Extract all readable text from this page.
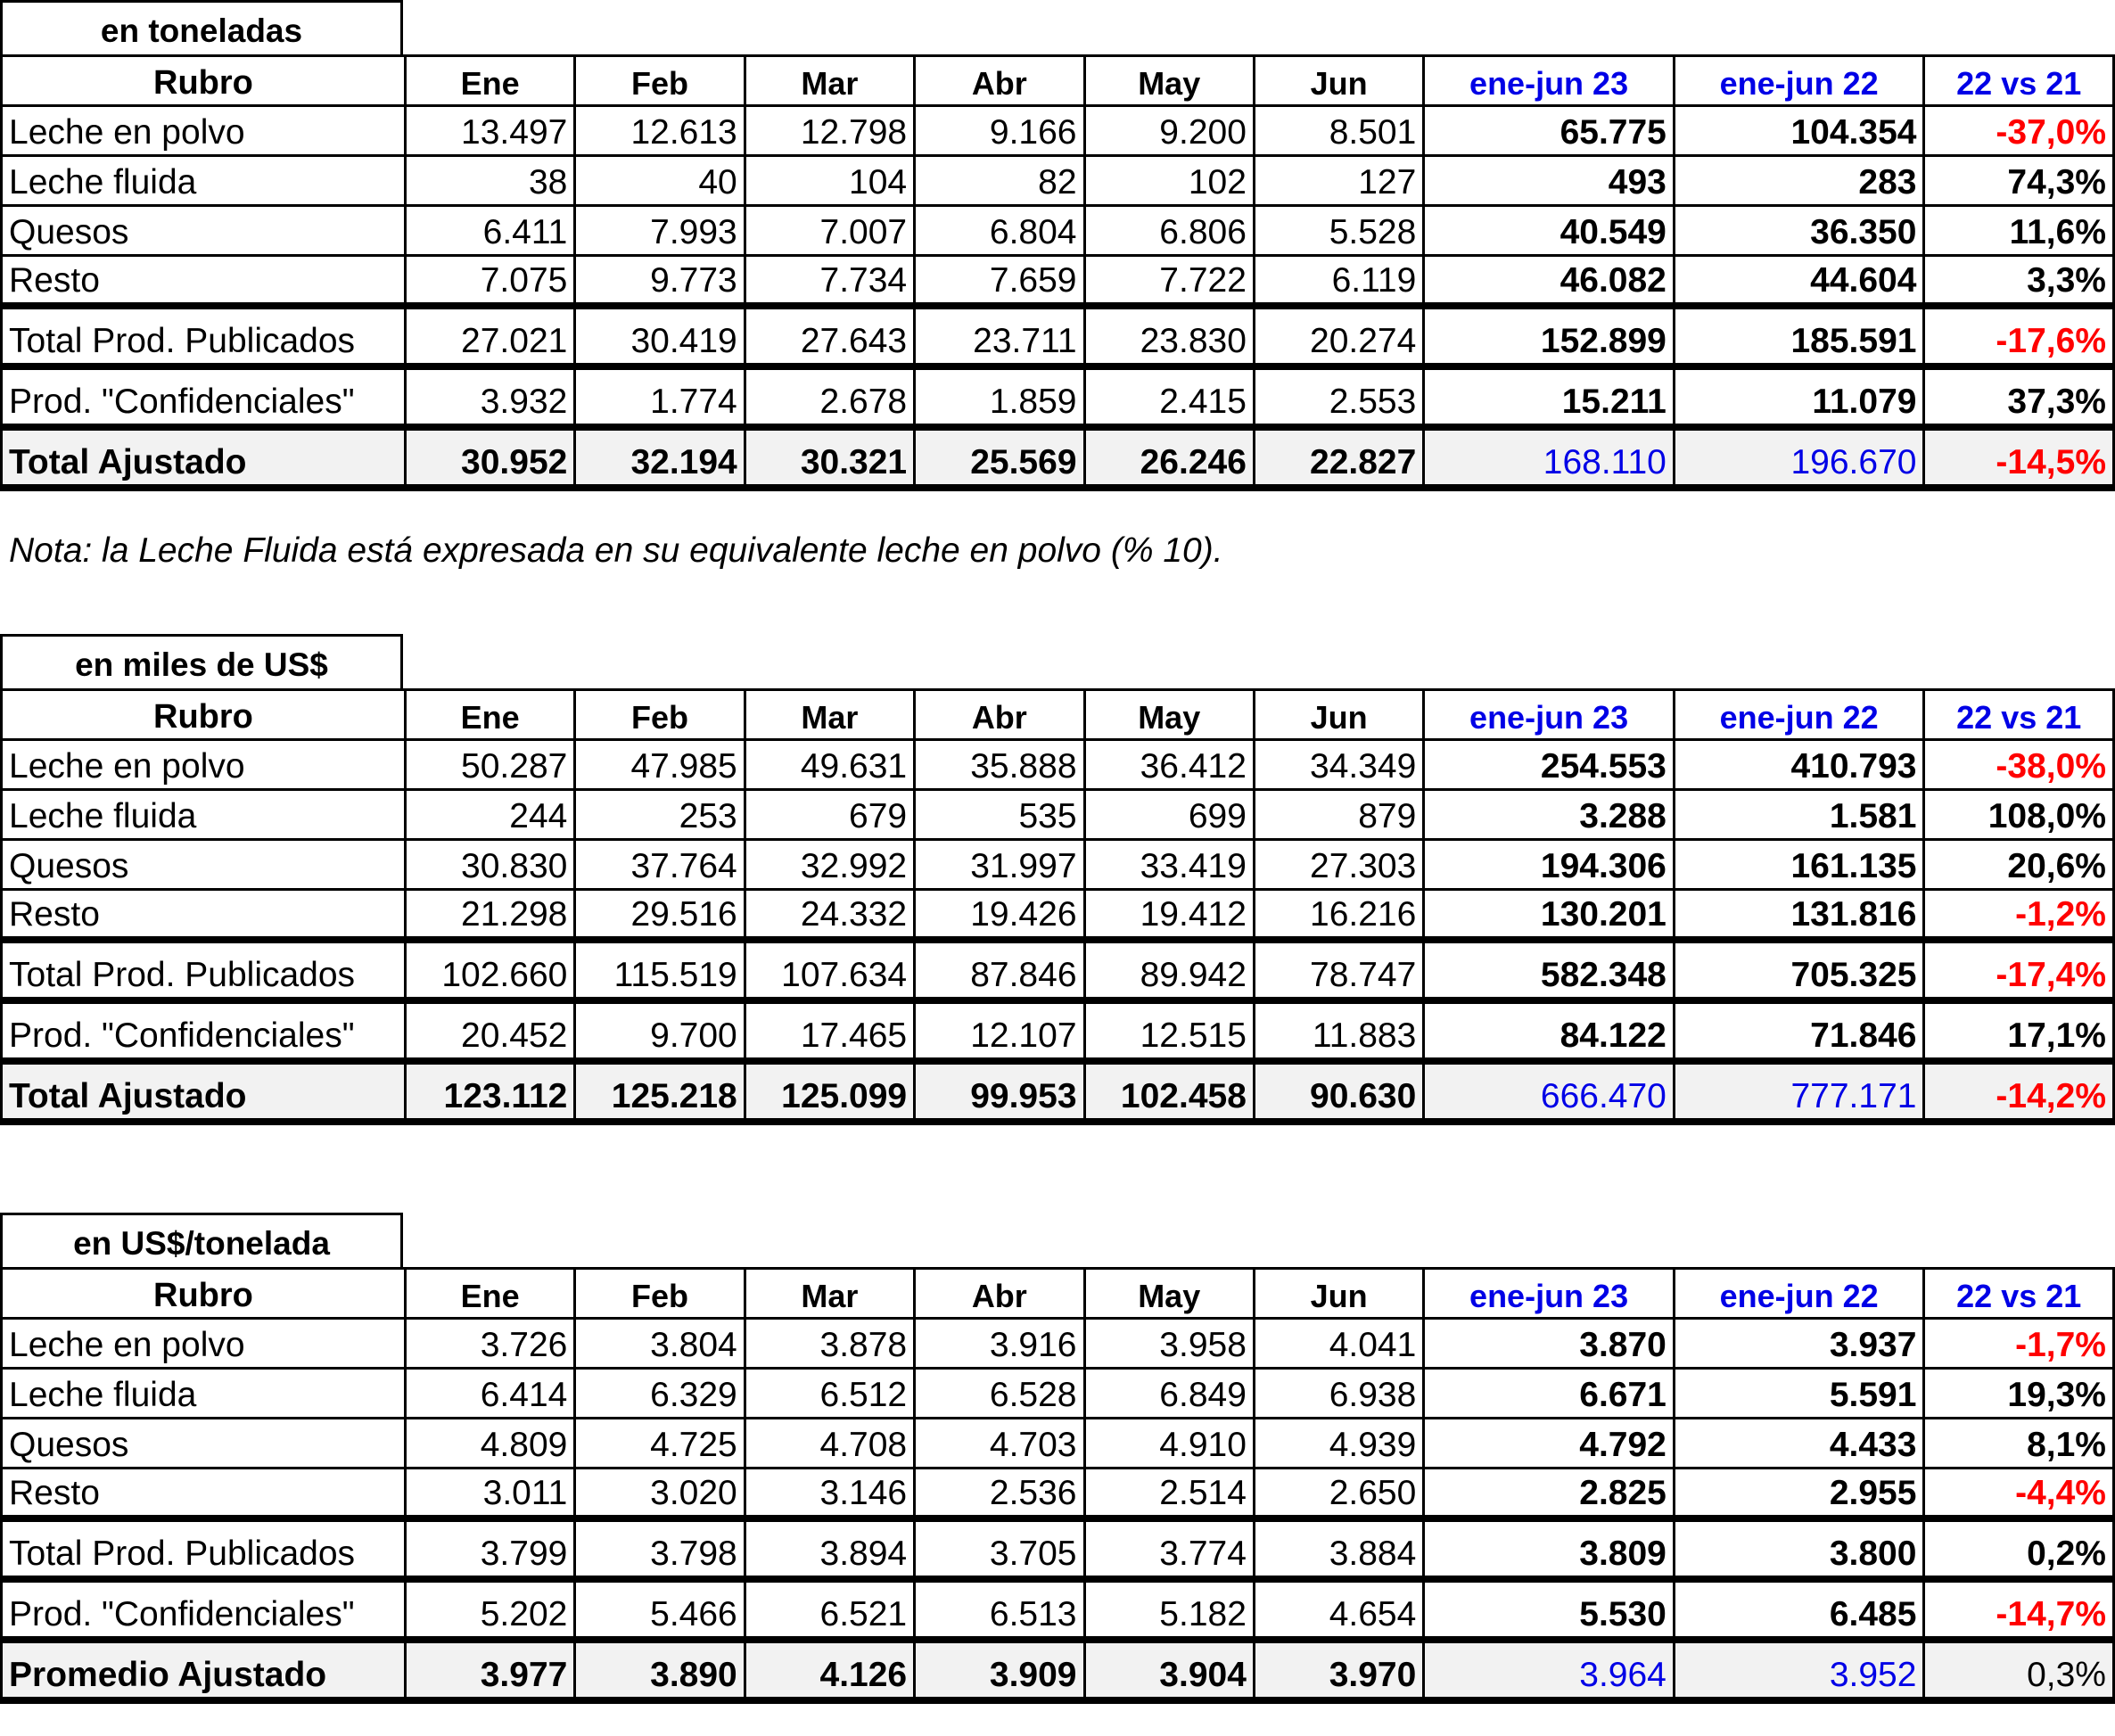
en toneladas
Rubro	Ene	Feb	Mar	Abr	May	Jun	ene-jun 23	ene-jun 22	22 vs 21
Leche en polvo	13.497	12.613	12.798	9.166	9.200	8.501	65.775	104.354	-37,0%
Leche fluida	38	40	104	82	102	127	493	283	74,3%
Quesos	6.411	7.993	7.007	6.804	6.806	5.528	40.549	36.350	11,6%
Resto	7.075	9.773	7.734	7.659	7.722	6.119	46.082	44.604	3,3%
Total Prod. Publicados	27.021	30.419	27.643	23.711	23.830	20.274	152.899	185.591	-17,6%
Prod. "Confidenciales"	3.932	1.774	2.678	1.859	2.415	2.553	15.211	11.079	37,3%
Total Ajustado	30.952	32.194	30.321	25.569	26.246	22.827	168.110	196.670	-14,5%
Nota: la Leche Fluida está expresada en su equivalente leche en polvo (% 10).
en miles de US$
Rubro	Ene	Feb	Mar	Abr	May	Jun	ene-jun 23	ene-jun 22	22 vs 21
Leche en polvo	50.287	47.985	49.631	35.888	36.412	34.349	254.553	410.793	-38,0%
Leche fluida	244	253	679	535	699	879	3.288	1.581	108,0%
Quesos	30.830	37.764	32.992	31.997	33.419	27.303	194.306	161.135	20,6%
Resto	21.298	29.516	24.332	19.426	19.412	16.216	130.201	131.816	-1,2%
Total Prod. Publicados	102.660	115.519	107.634	87.846	89.942	78.747	582.348	705.325	-17,4%
Prod. "Confidenciales"	20.452	9.700	17.465	12.107	12.515	11.883	84.122	71.846	17,1%
Total Ajustado	123.112	125.218	125.099	99.953	102.458	90.630	666.470	777.171	-14,2%
en US$/tonelada
Rubro	Ene	Feb	Mar	Abr	May	Jun	ene-jun 23	ene-jun 22	22 vs 21
Leche en polvo	3.726	3.804	3.878	3.916	3.958	4.041	3.870	3.937	-1,7%
Leche fluida	6.414	6.329	6.512	6.528	6.849	6.938	6.671	5.591	19,3%
Quesos	4.809	4.725	4.708	4.703	4.910	4.939	4.792	4.433	8,1%
Resto	3.011	3.020	3.146	2.536	2.514	2.650	2.825	2.955	-4,4%
Total Prod. Publicados	3.799	3.798	3.894	3.705	3.774	3.884	3.809	3.800	0,2%
Prod. "Confidenciales"	5.202	5.466	6.521	6.513	5.182	4.654	5.530	6.485	-14,7%
Promedio Ajustado	3.977	3.890	4.126	3.909	3.904	3.970	3.964	3.952	0,3%
